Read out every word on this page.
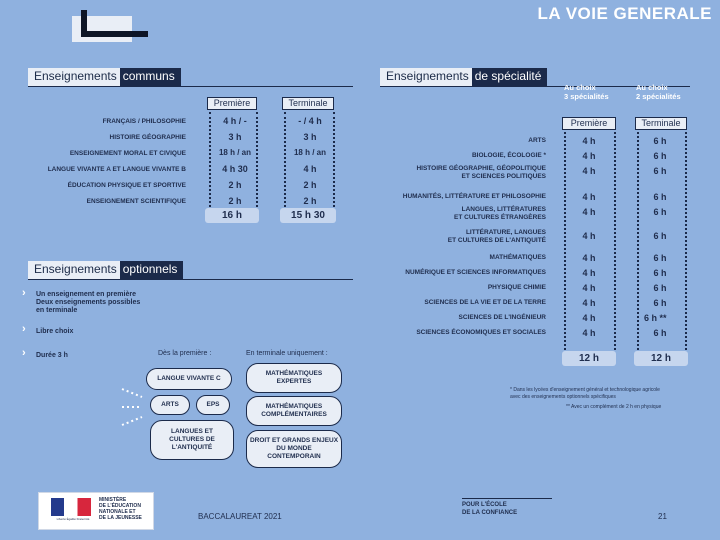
LA VOIE GENERALE
Enseignements communs
Première	Terminale
FRANÇAIS / PHILOSOPHIE	4 h / -	- / 4 h
HISTOIRE GÉOGRAPHIE	3 h	3 h
ENSEIGNEMENT MORAL ET CIVIQUE	18 h / an	18 h / an
LANGUE VIVANTE A ET LANGUE VIVANTE B	4 h 30	4 h
ÉDUCATION PHYSIQUE ET SPORTIVE	2 h	2 h
ENSEIGNEMENT SCIENTIFIQUE	2 h	2 h
16 h	15 h 30
Enseignements optionnels
› Un enseignement en première
Deux enseignements possibles
en terminale
› Libre choix
› Durée 3 h	Dès la première :	En terminale uniquement :
LANGUE VIVANTE C
ARTS	EPS
LANGUES ET CULTURES DE L'ANTIQUITÉ
MATHÉMATIQUES EXPERTES
MATHÉMATIQUES COMPLÉMENTAIRES
DROIT ET GRANDS ENJEUX DU MONDE CONTEMPORAIN
Enseignements de spécialité
Au choix
3 spécialités
Au choix
2 spécialités
Première	Terminale
ARTS	4 h	6 h
BIOLOGIE, ÉCOLOGIE *	4 h	6 h
HISTOIRE GÉOGRAPHIE, GÉOPOLITIQUE
ET SCIENCES POLITIQUES	4 h	6 h
HUMANITÉS, LITTÉRATURE ET PHILOSOPHIE	4 h	6 h
LANGUES, LITTÉRATURES
ET CULTURES ÉTRANGÈRES	4 h	6 h
LITTÉRATURE, LANGUES
ET CULTURES DE L'ANTIQUITÉ	4 h	6 h
MATHÉMATIQUES	4 h	6 h
NUMÉRIQUE ET SCIENCES INFORMATIQUES	4 h	6 h
PHYSIQUE CHIMIE	4 h	6 h
SCIENCES DE LA VIE ET DE LA TERRE	4 h	6 h
SCIENCES DE L'INGÉNIEUR	4 h	6 h **
SCIENCES ÉCONOMIQUES ET SOCIALES	4 h	6 h
12 h	12 h
* Dans les lycées d'enseignement général et technologique agricole
avec des enseignements optionnels spécifiques
** Avec un complément de 2 h en physique
Liberté Égalité Fraternité
MINISTÈRE
DE L'ÉDUCATION
NATIONALE ET
DE LA JEUNESSE	BACCALAUREAT 2021
POUR L'ÉCOLE
DE LA CONFIANCE	21
